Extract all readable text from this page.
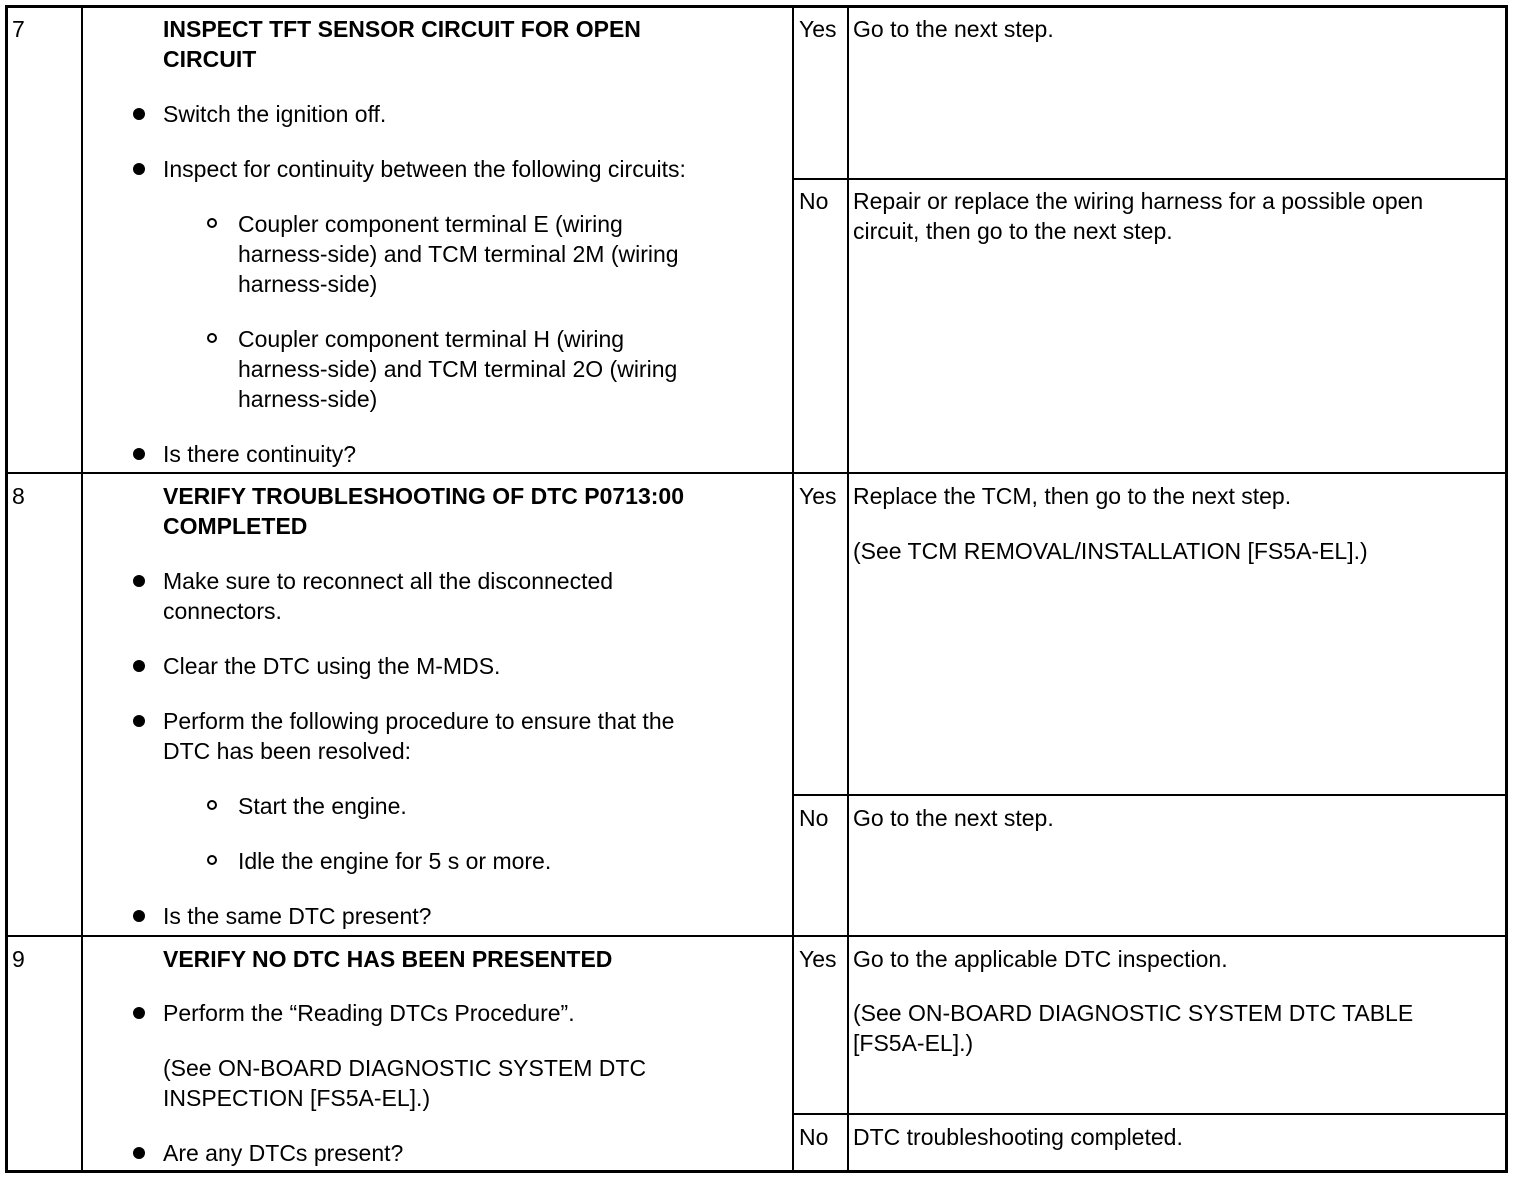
7	INSPECT TFT SENSOR CIRCUIT FOR OPEN
CIRCUIT
Switch the ignition off.
Inspect for continuity between the following circuits:
Coupler component terminal E (wiring
harness-side) and TCM terminal 2M (wiring
harness-side)
Coupler component terminal H (wiring
harness-side) and TCM terminal 2O (wiring
harness-side)
Is there continuity?
Yes Go to the next step.
No Repair or replace the wiring harness for a possible open
circuit, then go to the next step.
8	VERIFY TROUBLESHOOTING OF DTC P0713:00
COMPLETED
Make sure to reconnect all the disconnected
connectors.
Clear the DTC using the M-MDS.
Perform the following procedure to ensure that the
DTC has been resolved:
Start the engine.
Idle the engine for 5 s or more.
Is the same DTC present?
Yes Replace the TCM, then go to the next step.
(See TCM REMOVAL/INSTALLATION [FS5A-EL].)
No Go to the next step.
9	VERIFY NO DTC HAS BEEN PRESENTED
Perform the “Reading DTCs Procedure”.
(See ON-BOARD DIAGNOSTIC SYSTEM DTC
INSPECTION [FS5A-EL].)
Are any DTCs present?
Yes Go to the applicable DTC inspection.
(See ON-BOARD DIAGNOSTIC SYSTEM DTC TABLE
[FS5A-EL].)
No DTC troubleshooting completed.
